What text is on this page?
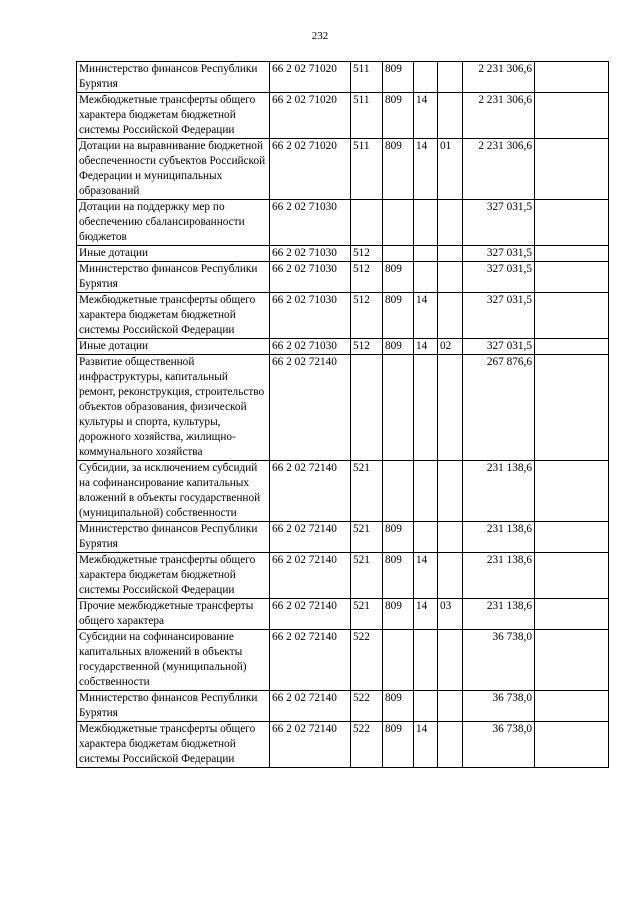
232
Министерство финансов Республики Бурятия	66 2 02 71020	511	809			2 231 306,6	
Межбюджетные трансферты общего характера бюджетам бюджетной системы Российской Федерации	66 2 02 71020	511	809	14		2 231 306,6	
Дотации на выравнивание бюджетной обеспеченности субъектов Российской Федерации и муниципальных образований	66 2 02 71020	511	809	14	01	2 231 306,6	
Дотации на поддержку мер по обеспечению сбалансированности бюджетов	66 2 02 71030					327 031,5	
Иные дотации	66 2 02 71030	512				327 031,5	
Министерство финансов Республики Бурятия	66 2 02 71030	512	809			327 031,5	
Межбюджетные трансферты общего характера бюджетам бюджетной системы Российской Федерации	66 2 02 71030	512	809	14		327 031,5	
Иные дотации	66 2 02 71030	512	809	14	02	327 031,5	
Развитие общественной инфраструктуры, капитальный ремонт, реконструкция, строительство объектов образования, физической культуры и спорта, культуры, дорожного хозяйства, жилищно-коммунального хозяйства	66 2 02 72140					267 876,6	
Субсидии, за исключением субсидий на софинансирование капитальных вложений в объекты государственной (муниципальной) собственности	66 2 02 72140	521				231 138,6	
Министерство финансов Республики Бурятия	66 2 02 72140	521	809			231 138,6	
Межбюджетные трансферты общего характера бюджетам бюджетной системы Российской Федерации	66 2 02 72140	521	809	14		231 138,6	
Прочие межбюджетные трансферты общего характера	66 2 02 72140	521	809	14	03	231 138,6	
Субсидии на софинансирование капитальных вложений в объекты государственной (муниципальной) собственности	66 2 02 72140	522				36 738,0	
Министерство финансов Республики Бурятия	66 2 02 72140	522	809			36 738,0	
Межбюджетные трансферты общего характера бюджетам бюджетной системы Российской Федерации	66 2 02 72140	522	809	14		36 738,0	
